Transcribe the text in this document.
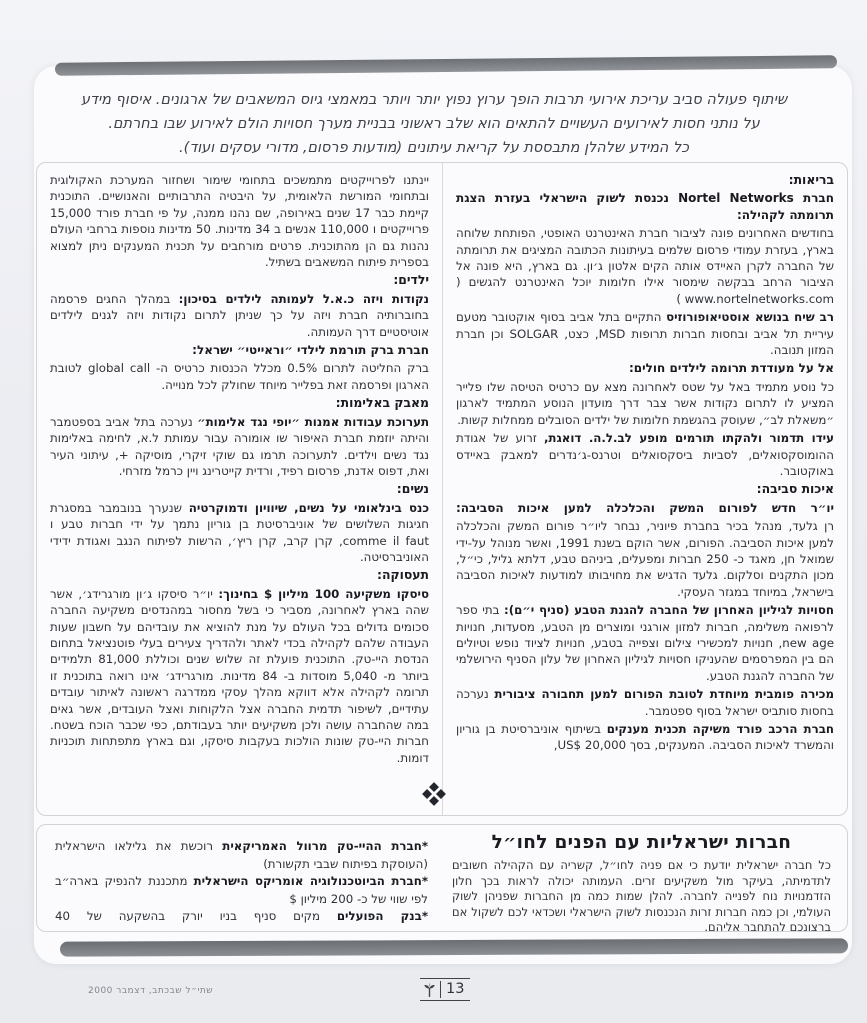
שיתוף פעולה סביב עריכת אירועי תרבות הופך ערוץ נפוץ יותר ויותר במאמצי גיוס המשאבים של ארגונים. איסוף מידע
על נותני חסות לאירועים העשויים להתאים הוא שלב ראשוני בבניית מערך חסויות הולם לאירוע שבו בחרתם.
כל המידע שלהלן מתבססת על קריאת עיתונים (מודעות פרסום, מדורי עסקים ועוד).

בריאות:

חברת Nortel Networks נכנסת לשוק הישראלי בעזרת הצגת תרומתה לקהילה:

בחודשים האחרונים פונה לציבור חברת האינטרנט האופטי, הפותחת שלוחה בארץ, בעזרת עמודי פרסום שלמים בעיתונות הכתובה המציגים את תרומתה של החברה לקרן האיידס אותה הקים אלטון ג׳ון. גם בארץ, היא פונה אל הציבור הרחב בבקשה שימסור אילו חלומות יוכל האינטרנט להגשים ( www.nortelnetworks.com )

רב שיח בנושא אוסטיאופורוזיס התקיים בתל אביב בסוף אוקטובר מטעם עיריית תל אביב ובחסות חברות תרופות MSD, כצט, SOLGAR וכן חברת המזון תנובה.

אל על מעודדת תרומה לילדים חולים:

כל נוסע מתמיד באל על שטס לאחרונה מצא עם כרטיס הטיסה שלו פלייר המציע לו לתרום נקודות אשר צבר דרך מועדון הנוסע המתמיד לארגון ״משאלת לב״, שעוסק בהגשמת חלומות של ילדים הסובלים ממחלות קשות.

עידו תדמור ולהקתו תורמים מופע לב.ל.ה. דואגת, זרוע של אגודת ההומוסקסואלים, לסביות ביסקסואלים וטרנס-ג׳נדרים למאבק באיידס באוקטובר.

איכות סביבה:

יו״ר חדש לפורום המשק והכלכלה למען איכות הסביבה:

רן גלעד, מנהל בכיר בחברת פיוניר, נבחר ליו״ר פורום המשק והכלכלה למען איכות הסביבה. הפורום, אשר הוקם בשנת 1991, ואשר מנוהל על-ידי שמואל חן, מאגד כ- 250 חברות ומפעלים, ביניהם טבע, דלתא גליל, כי״ל, מכון התקנים וסלקום. גלעד הדגיש את מחויבותו למודעות לאיכות הסביבה בישראל, במיוחד במגזר העסקי.

חסויות לגיליון האחרון של החברה להגנת הטבע (סניף י״ם): בתי ספר לרפואה משלימה, חברות למזון אורגני ומוצרים מן הטבע, מסעדות, חנויות new age, חנויות למכשירי צילום וצפייה בטבע, חנויות לציוד נופש וטיולים הם בין המפרסמים שהעניקו חסויות לגיליון האחרון של עלון הסניף הירושלמי של החברה להגנת הטבע.

מכירה פומבית מיוחדת לטובת הפורום למען תחבורה ציבורית נערכה בחסות סותביס ישראל בסוף ספטמבר.

חברת הרכב פורד משיקה תכנית מענקים בשיתוף אוניברסיטת בן גוריון והמשרד לאיכות הסביבה. המענקים, בסך US$ 20,000,

יינתנו לפרוייקטים מתמשכים בתחומי שימור ושחזור המערכת האקולוגית ובתחומי המורשת הלאומית, על היבטיה התרבותיים והאנושיים. התוכנית קיימת כבר 17 שנים באירופה, שם נהנו ממנה, על פי חברת פורד 15,000 פרוייקטים ו 110,000 אנשים ב 34 מדינות. 50 מדינות נוספות ברחבי העולם נהנות גם הן מהתוכנית. פרטים מורחבים על תכנית המענקים ניתן למצוא בספרית פיתוח המשאבים בשתיל.

ילדים:

נקודות ויזה כ.א.ל לעמותה לילדים בסיכון: במהלך החגים פרסמה בחוברותיה חברת ויזה על כך שניתן לתרום נקודות ויזה לגנים לילדים אוטיסטיים דרך העמותה.

חברת ברק תורמת לילדי ״וראייטי״ ישראל:

ברק החליטה לתרום 0.5% מכלל הכנסות כרטיס ה- global call לטובת הארגון ופרסמה זאת בפלייר מיוחד שחולק לכל מנוייה.

מאבק באלימות:

תערוכת עבודות אמנות ״יופי נגד אלימות״ נערכה בתל אביב בספטמבר והיתה יוזמת חברת האיפור שו אומורה עבור עמותת ל.א, לחימה באלימות נגד נשים וילדים. לתערוכה תרמו גם שוקי זיקרי, מוסיקה +, עיתוני העיר ואת, דפוס אדנת, פרסום רפיד, ורדית קייטרינג ויין כרמל מזרחי.

נשים:

כנס בינלאומי על נשים, שיוויון ודמוקרטיה שנערך בנובמבר במסגרת חגיגות השלושים של אוניברסיטת בן גוריון נתמך על ידי חברות טבע ו comme il faut, קרן קרב, קרן ריץ׳, הרשות לפיתוח הנגב ואגודת ידידי האוניברסיטה.

תעסוקה:

סיסקו משקיעה 100 מיליון $ בחינוך: יו״ר סיסקו ג׳ון מורגרידג׳, אשר שהה בארץ לאחרונה, מסביר כי בשל מחסור במהנדסים משקיעה החברה סכומים גדולים בכל העולם על מנת להוציא את עובדיהם על חשבון שעות העבודה שלהם לקהילה בכדי לאתר ולהדריך צעירים בעלי פוטנציאל בתחום הנדסת היי-טק. התוכנית פועלת זה שלוש שנים וכוללת 81,000 תלמידים ביותר מ- 5,040 מוסדות ב- 84 מדינות. מורגרידג׳ אינו רואה בתוכנית זו תרומה לקהילה אלא דווקא מהלך עסקי ממדרגה ראשונה לאיתור עובדים עתידיים, לשיפור תדמית החברה אצל הלקוחות ואצל העובדים, אשר גאים במה שהחברה עושה ולכן משקיעים יותר בעבודתם, כפי שכבר הוכח בשטח. חברות היי-טק שונות הולכות בעקבות סיסקו, וגם בארץ מתפתחות תוכניות דומות.

חברות ישראליות עם הפנים לחו״ל
כל חברה ישראלית יודעת כי אם פניה לחו״ל, קשריה עם הקהילה חשובים לתדמיתה, בעיקר מול משקיעים זרים. העמותה יכולה לראות בכך חלון הזדמנויות נוח לפנייה לחברה. להלן שמות כמה מן החברות שפניהן לשוק העולמי, וכן כמה חברות זרות הנכנסות לשוק הישראלי ושכדאי לכם לשקול אם ברצונכם להתחבר אליהם.

*חברת ההיי-טק מרוול האמריקאית רוכשת את גלילאו הישראלית (העוסקת בפיתוח שבבי תקשורת)

*חברת הביוטכנולוגיה אומריקס הישראלית מתכננת להנפיק בארה״ב לפי שווי של כ- 200 מיליון $

*בנק הפועלים מקים סניף בניו יורק בהשקעה של 40

שתי״ל שבכתב, דצמבר 2000	13
